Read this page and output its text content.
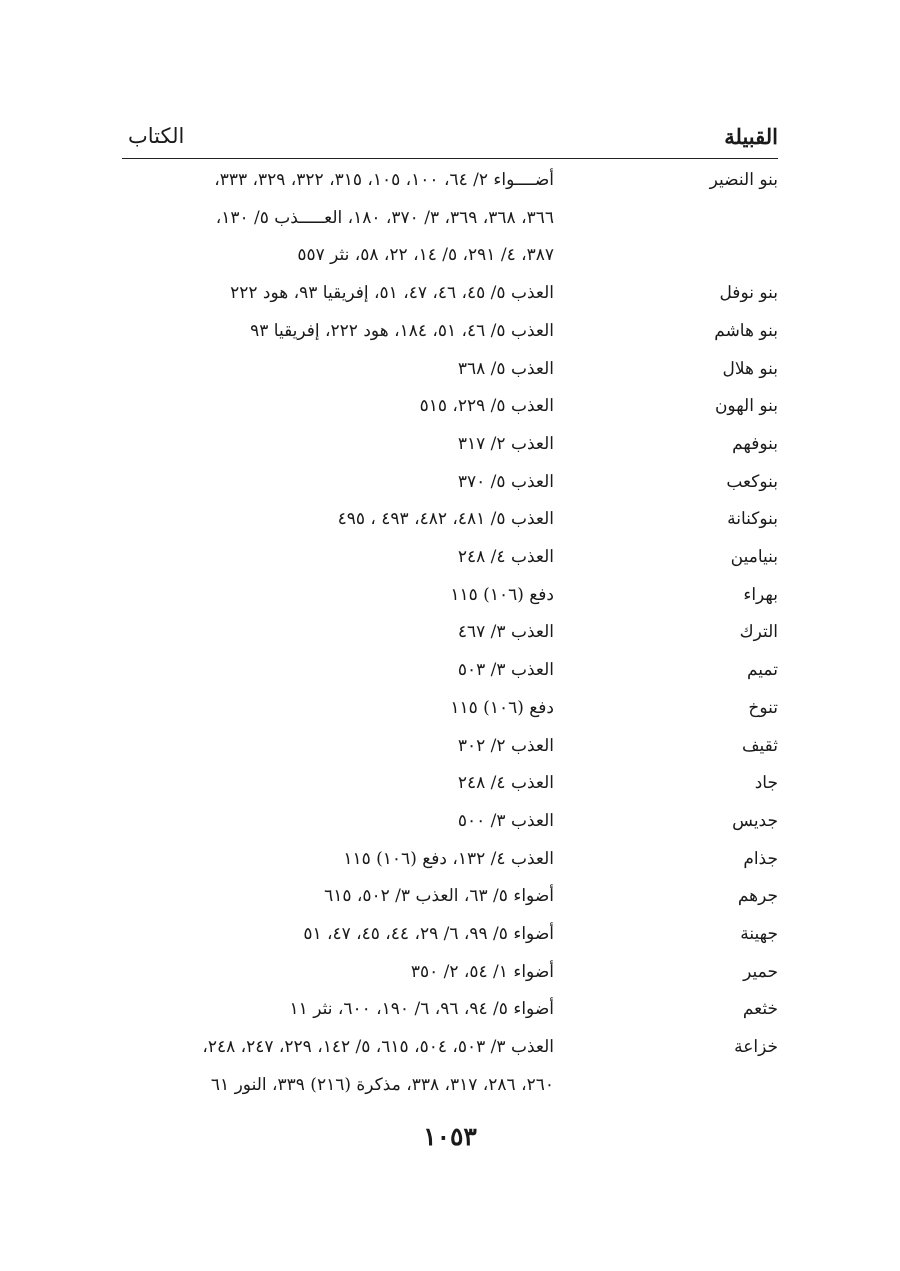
القبيلة
الكتاب
بنو النضير
أضــــواء ٢/ ٦٤، ١٠٠، ١٠٥، ٣١٥، ٣٢٢، ٣٢٩، ٣٣٣،
٣٦٦، ٣٦٨، ٣٦٩، ٣/ ٣٧٠، ١٨٠، العـــــذب ٥/ ١٣٠،
٣٨٧، ٤/ ٢٩١، ٥/ ١٤، ٢٢، ٥٨، نثر ٥٥٧
بنو نوفل
العذب ٥/ ٤٥، ٤٦، ٤٧، ٥١، إفريقيا ٩٣، هود ٢٢٢
بنو هاشم
العذب ٥/ ٤٦، ٥١، ١٨٤، هود ٢٢٢، إفريقيا ٩٣
بنو هلال
العذب ٥/ ٣٦٨
بنو الهون
العذب ٥/ ٢٢٩، ٥١٥
بنوفهم
العذب ٢/ ٣١٧
بنوكعب
العذب ٥/ ٣٧٠
بنوكنانة
العذب ٥/ ٤٨١، ٤٨٢، ٤٩٣ ، ٤٩٥
بنيامين
العذب ٤/ ٢٤٨
بهراء
دفع (١٠٦) ١١٥
الترك
العذب ٣/ ٤٦٧
تميم
العذب ٣/ ٥٠٣
تنوخ
دفع (١٠٦) ١١٥
ثقيف
العذب ٢/ ٣٠٢
جاد
العذب ٤/ ٢٤٨
جديس
العذب ٣/ ٥٠٠
جذام
العذب ٤/ ١٣٢، دفع (١٠٦) ١١٥
جرهم
أضواء ٥/ ٦٣، العذب ٣/ ٥٠٢، ٦١٥
جهينة
أضواء ٥/ ٩٩، ٦/ ٢٩، ٤٤، ٤٥، ٤٧، ٥١
حمير
أضواء ١/ ٥٤، ٢/ ٣٥٠
خثعم
أضواء ٥/ ٩٤، ٩٦، ٦/ ١٩٠، ٦٠٠، نثر ١١
خزاعة
العذب ٣/ ٥٠٣، ٥٠٤، ٦١٥، ٥/ ١٤٢، ٢٢٩، ٢٤٧، ٢٤٨،
٢٦٠، ٢٨٦، ٣١٧، ٣٣٨، مذكرة (٢١٦) ٣٣٩، النور ٦١
١٠٥٣
